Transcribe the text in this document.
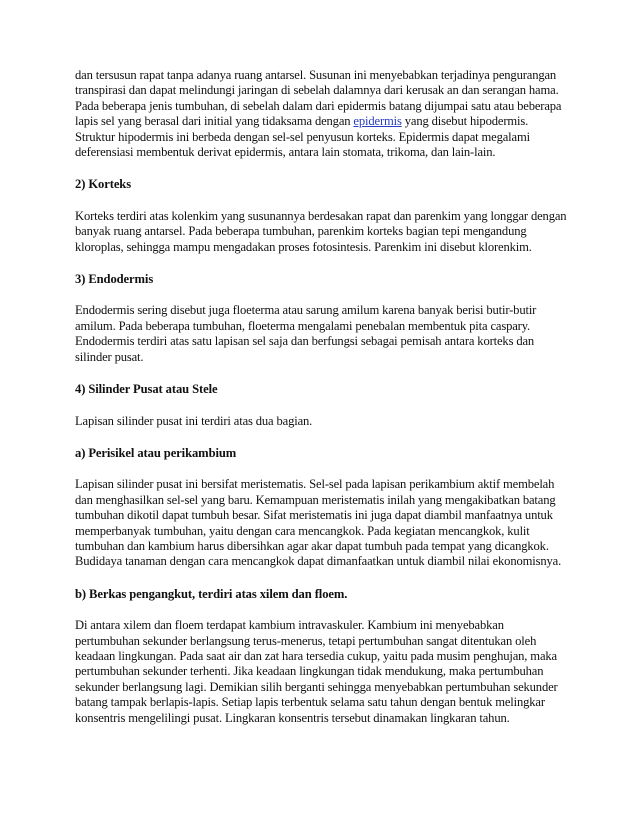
dan tersusun rapat tanpa adanya ruang antarsel. Susunan ini menyebabkan terjadinya pengurangan transpirasi dan dapat melindungi jaringan di sebelah dalamnya dari kerusak an dan serangan hama. Pada beberapa jenis tumbuhan, di sebelah dalam dari epidermis batang dijumpai satu atau beberapa lapis sel yang berasal dari initial yang tidaksama dengan epidermis yang disebut hipodermis. Struktur hipodermis ini berbeda dengan sel-sel penyusun korteks. Epidermis dapat megalami deferensiasi membentuk derivat epidermis, antara lain stomata, trikoma, dan lain-lain.

2) Korteks

Korteks terdiri atas kolenkim yang susunannya berdesakan rapat dan parenkim yang longgar dengan banyak ruang antarsel. Pada beberapa tumbuhan, parenkim korteks bagian tepi mengandung kloroplas, sehingga mampu mengadakan proses fotosintesis. Parenkim ini disebut klorenkim.

3) Endodermis

Endodermis sering disebut juga floeterma atau sarung amilum karena banyak berisi butir-butir amilum. Pada beberapa tumbuhan, floeterma mengalami penebalan membentuk pita caspary. Endodermis terdiri atas satu lapisan sel saja dan berfungsi sebagai pemisah antara korteks dan silinder pusat.

4) Silinder Pusat atau Stele

Lapisan silinder pusat ini terdiri atas dua bagian.

a) Perisikel atau perikambium

Lapisan silinder pusat ini bersifat meristematis. Sel-sel pada lapisan perikambium aktif membelah dan menghasilkan sel-sel yang baru. Kemampuan meristematis inilah yang mengakibatkan batang tumbuhan dikotil dapat tumbuh besar. Sifat meristematis ini juga dapat diambil manfaatnya untuk memperbanyak tumbuhan, yaitu dengan cara mencangkok. Pada kegiatan mencangkok, kulit tumbuhan dan kambium harus dibersihkan agar akar dapat tumbuh pada tempat yang dicangkok. Budidaya tanaman dengan cara mencangkok dapat dimanfaatkan untuk diambil nilai ekonomisnya.

b) Berkas pengangkut, terdiri atas xilem dan floem.

Di antara xilem dan floem terdapat kambium intravaskuler. Kambium ini menyebabkan pertumbuhan sekunder berlangsung terus-menerus, tetapi pertumbuhan sangat ditentukan oleh keadaan lingkungan. Pada saat air dan zat hara tersedia cukup, yaitu pada musim penghujan, maka pertumbuhan sekunder terhenti. Jika keadaan lingkungan tidak mendukung, maka pertumbuhan sekunder berlangsung lagi. Demikian silih berganti sehingga menyebabkan pertumbuhan sekunder batang tampak berlapis-lapis. Setiap lapis terbentuk selama satu tahun dengan bentuk melingkar konsentris mengelilingi pusat. Lingkaran konsentris tersebut dinamakan lingkaran tahun.
